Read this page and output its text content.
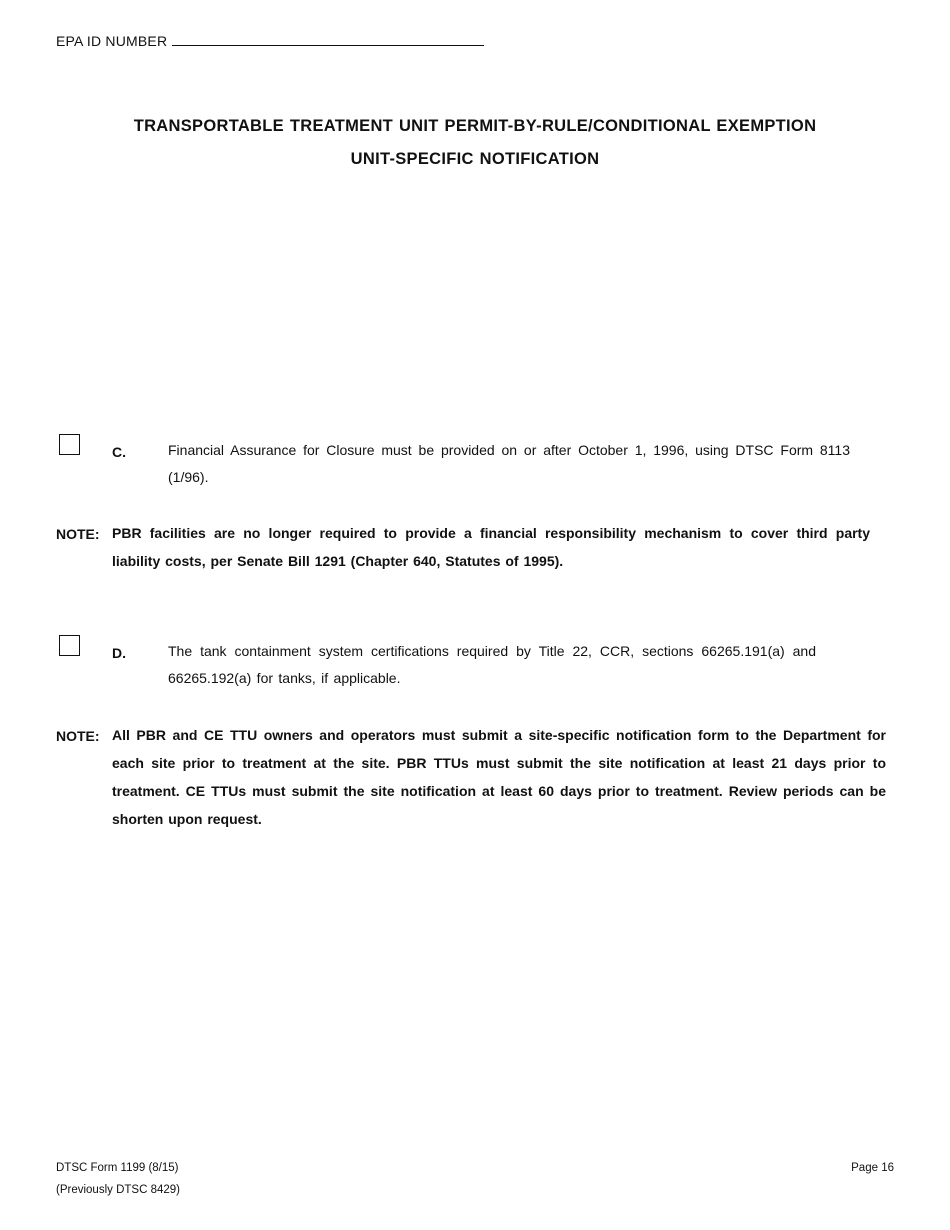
EPA ID NUMBER
TRANSPORTABLE TREATMENT UNIT PERMIT-BY-RULE/CONDITIONAL EXEMPTION
UNIT-SPECIFIC NOTIFICATION
C.	Financial Assurance for Closure must be provided on or after October 1, 1996, using DTSC Form 8113 (1/96).
NOTE: PBR facilities are no longer required to provide a financial responsibility mechanism to cover third party liability costs, per Senate Bill 1291 (Chapter 640, Statutes of 1995).
D.	The tank containment system certifications required by Title 22, CCR, sections 66265.191(a) and 66265.192(a) for tanks, if applicable.
NOTE: All PBR and CE TTU owners and operators must submit a site-specific notification form to the Department for each site prior to treatment at the site. PBR TTUs must submit the site notification at least 21 days prior to treatment. CE TTUs must submit the site notification at least 60 days prior to treatment. Review periods can be shorten upon request.
DTSC Form 1199 (8/15)
(Previously DTSC 8429)
Page 16
